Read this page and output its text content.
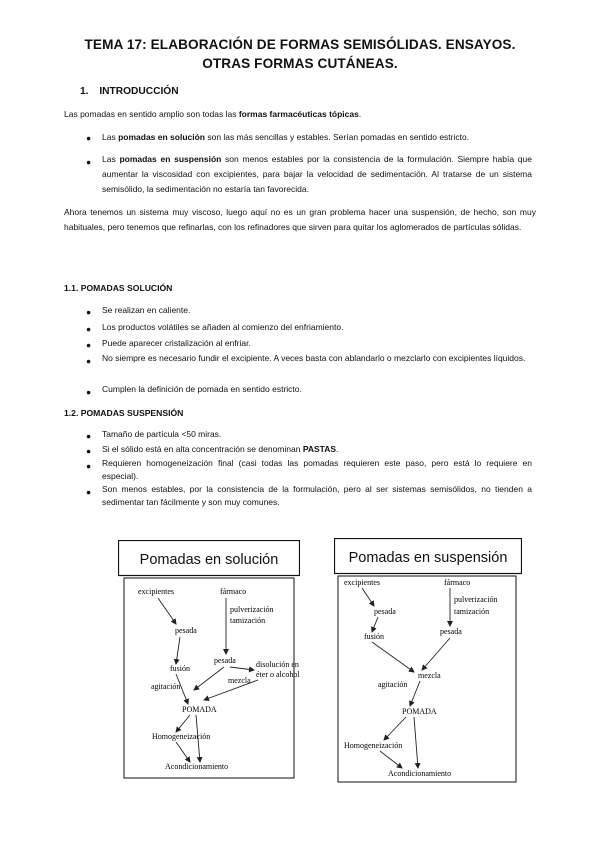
TEMA 17: ELABORACIÓN DE FORMAS SEMISÓLIDAS. ENSAYOS.
OTRAS FORMAS CUTÁNEAS.
1. INTRODUCCIÓN
Las pomadas en sentido amplio son todas las formas farmacéuticas tópicas.
● Las pomadas en solución son las más sencillas y estables. Serían pomadas en sentido estricto.
● Las pomadas en suspensión son menos estables por la consistencia de la formulación. Siempre había que aumentar la viscosidad con excipientes, para bajar la velocidad de sedimentación. Al tratarse de un sistema semisólido, la sedimentación no estaría tan favorecida.
Ahora tenemos un sistema muy viscoso, luego aquí no es un gran problema hacer una suspensión, de hecho, son muy habituales, pero tenemos que refinarlas, con los refinadores que sirven para quitar los aglomerados de partículas sólidas.
1.1. POMADAS SOLUCIÓN
● Se realizan en caliente.
● Los productos volátiles se añaden al comienzo del enfriamiento.
● Puede aparecer cristalización al enfriar.
● No siempre es necesario fundir el excipiente. A veces basta con ablandarlo o mezclarlo con excipientes líquidos.
● Cumplen la definición de pomada en sentido estricto.
1.2. POMADAS SUSPENSIÓN
● Tamaño de partícula <50 miras.
● Si el sólido está en alta concentración se denominan PASTAS.
● Requieren homogeneización final (casi todas las pomadas requieren este paso, pero está lo requiere en especial).
● Son menos estables, por la consistencia de la formulación, pero al ser sistemas semisólidos, no tienden a sedimentar tan fácilmente y son muy comunes.
Pomadas en solución
excipientes	fármaco
pesada
pulverización
tamización
fusión
pesada	disolución en
éter o alcohol
agitación
mezcla
POMADA
Homogeneización
Acondicionamiento
Pomadas en suspensión
excipientes	fármaco
pesada
pulverización
tamización
fusión
pesada
mezcla
agitación
POMADA
Homogeneización
Acondicionamiento
